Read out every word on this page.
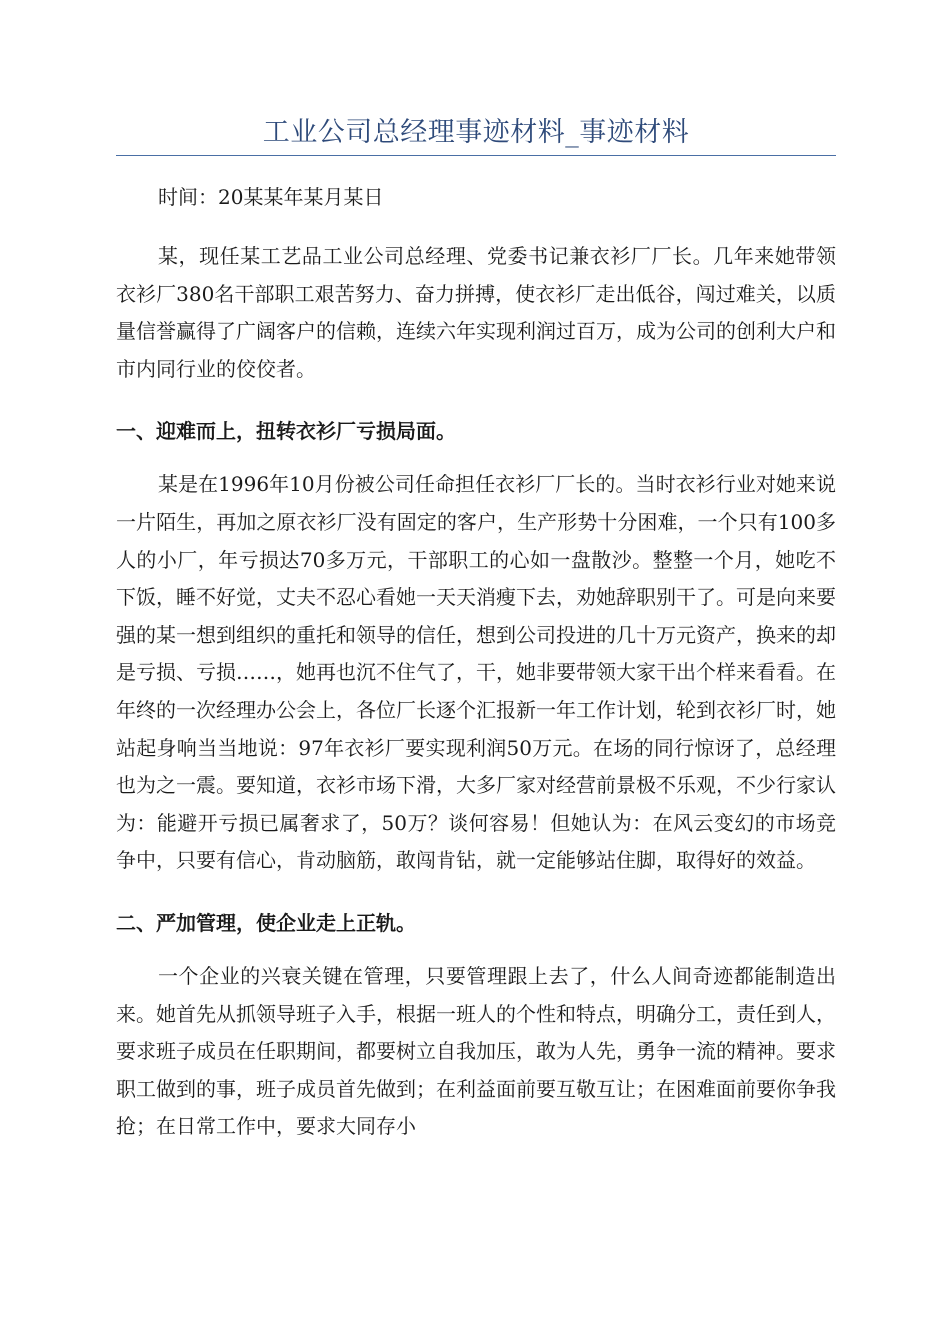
工业公司总经理事迹材料_事迹材料

时间：20某某年某月某日

某，现任某工艺品工业公司总经理、党委书记兼衣衫厂厂长。几年来她带领衣衫厂380名干部职工艰苦努力、奋力拼搏，使衣衫厂走出低谷，闯过难关，以质量信誉赢得了广阔客户的信赖，连续六年实现利润过百万，成为公司的创利大户和市内同行业的佼佼者。

一、迎难而上，扭转衣衫厂亏损局面。

某是在1996年10月份被公司任命担任衣衫厂厂长的。当时衣衫行业对她来说一片陌生，再加之原衣衫厂没有固定的客户，生产形势十分困难，一个只有100多人的小厂，年亏损达70多万元，干部职工的心如一盘散沙。整整一个月，她吃不下饭，睡不好觉，丈夫不忍心看她一天天消瘦下去，劝她辞职别干了。可是向来要强的某一想到组织的重托和领导的信任，想到公司投进的几十万元资产，换来的却是亏损、亏损……，她再也沉不住气了，干，她非要带领大家干出个样来看看。在年终的一次经理办公会上，各位厂长逐个汇报新一年工作计划，轮到衣衫厂时，她站起身响当当地说：97年衣衫厂要实现利润50万元。在场的同行惊讶了，总经理也为之一震。要知道，衣衫市场下滑，大多厂家对经营前景极不乐观，不少行家认为：能避开亏损已属奢求了，50万？谈何容易！但她认为：在风云变幻的市场竞争中，只要有信心，肯动脑筋，敢闯肯钻，就一定能够站住脚，取得好的效益。

二、严加管理，使企业走上正轨。

一个企业的兴衰关键在管理，只要管理跟上去了，什么人间奇迹都能制造出来。她首先从抓领导班子入手，根据一班人的个性和特点，明确分工，责任到人，要求班子成员在任职期间，都要树立自我加压，敢为人先，勇争一流的精神。要求职工做到的事，班子成员首先做到；在利益面前要互敬互让；在困难面前要你争我抢；在日常工作中，要求大同存小
